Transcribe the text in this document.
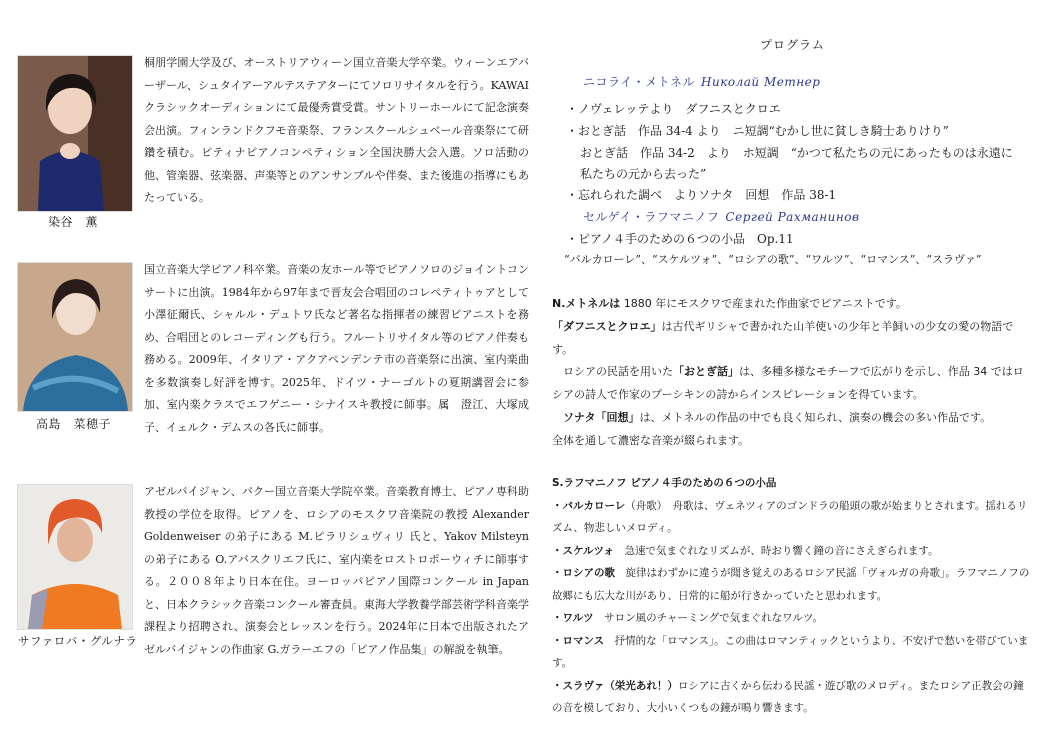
染谷　薫

桐朋学園大学及び、オーストリアウィーン国立音楽大学卒業。ウィーンエアバーザール、シュタイアーアルテステアターにてソロリサイタルを行う。KAWAIクラシックオーディションにて最優秀賞受賞。サントリーホールにて記念演奏会出演。フィンランドクフモ音楽祭、フランスクールシュベール音楽祭にて研鑽を積む。ピティナピアノコンペティション全国決勝大会入選。ソロ活動の他、管楽器、弦楽器、声楽等とのアンサンブルや伴奏、また後進の指導にもあたっている。

高島　菜穂子

国立音楽大学ピアノ科卒業。音楽の友ホール等でピアノソロのジョイントコンサートに出演。1984年から97年まで晋友会合唱団のコレペティトゥアとして小澤征爾氏、シャルル・デュトワ氏など著名な指揮者の練習ピアニストを務め、合唱団とのレコーディングも行う。フルートリサイタル等のピアノ伴奏も務める。2009年、イタリア・アクアペンデンテ市の音楽祭に出演、室内楽曲を多数演奏し好評を博す。2025年、ドイツ・ナーゴルトの夏期講習会に参加、室内楽クラスでエフゲニー・シナイスキ教授に師事。属　澄江、大塚成子、イェルク・デムスの各氏に師事。

サファロバ・グルナラ

アゼルバイジャン、バクー国立音楽大学院卒業。音楽教育博士、ピアノ専科助教授の学位を取得。ピアノを、ロシアのモスクワ音楽院の教授 Alexander Goldenweiser の弟子にある M.ピラリシュヴィリ 氏と、Yakov Milsteyn の弟子にある O.アバスクリエフ氏に、室内楽をロストロポーウィチに師事する。２００８年より日本在住。ヨーロッパピアノ国際コンクール in Japan と、日本クラシック音楽コンクール審査員。東海大学教養学部芸術学科音楽学課程より招聘され、演奏会とレッスンを行う。2024年に日本で出版されたアゼルバイジャンの作曲家 G.ガラーエフの「ピアノ作品集」の解説を執筆。

プログラム
ニコライ・メトネル Николай Метнер
・ノヴェレッテより　ダフニスとクロエ
・おとぎ話　作品 34-4 より　ニ短調“むかし世に貧しき騎士ありけり”
おとぎ話　作品 34-2　より　ホ短調　“かつて私たちの元にあったものは永遠に
私たちの元から去った”
・忘れられた調べ　よりソナタ　回想　作品 38-1
セルゲイ・ラフマニノフ Сергей Рахманинов
・ピアノ４手のための６つの小品　Op.11
“バルカローレ”、“スケルツォ”、“ロシアの歌”、“ワルツ”、“ロマンス”、“スラヴァ”

N.メトネルは 1880 年にモスクワで産まれた作曲家でピアニストです。

「ダフニスとクロエ」は古代ギリシャで書かれた山羊使いの少年と羊飼いの少女の愛の物語です。

　ロシアの民話を用いた「おとぎ話」は、多種多様なモチーフで広がりを示し、作品 34 ではロシアの詩人で作家のプーシキンの詩からインスピレーションを得ています。

　ソナタ「回想」は、メトネルの作品の中でも良く知られ、演奏の機会の多い作品です。

全体を通して濃密な音楽が綴られます。

S.ラフマニノフ ピアノ４手のための６つの小品

・バルカローレ（舟歌）　舟歌は、ヴェネツィアのゴンドラの船頭の歌が始まりとされます。揺れるリズム、物悲しいメロディ。

・スケルツォ　急速で気まぐれなリズムが、時おり響く鐘の音にさえぎられます。

・ロシアの歌　旋律はわずかに違うが聞き覚えのあるロシア民謡「ヴォルガの舟歌」。ラフマニノフの故郷にも広大な川があり、日常的に船が行きかっていたと思われます。

・ワルツ　サロン風のチャーミングで気まぐれなワルツ。

・ロマンス　抒情的な「ロマンス」。この曲はロマンティックというより、不安げで愁いを帯びています。

・スラヴァ（栄光あれ！）ロシアに古くから伝わる民謡・遊び歌のメロディ。またロシア正教会の鐘の音を模しており、大小いくつもの鐘が鳴り響きます。
